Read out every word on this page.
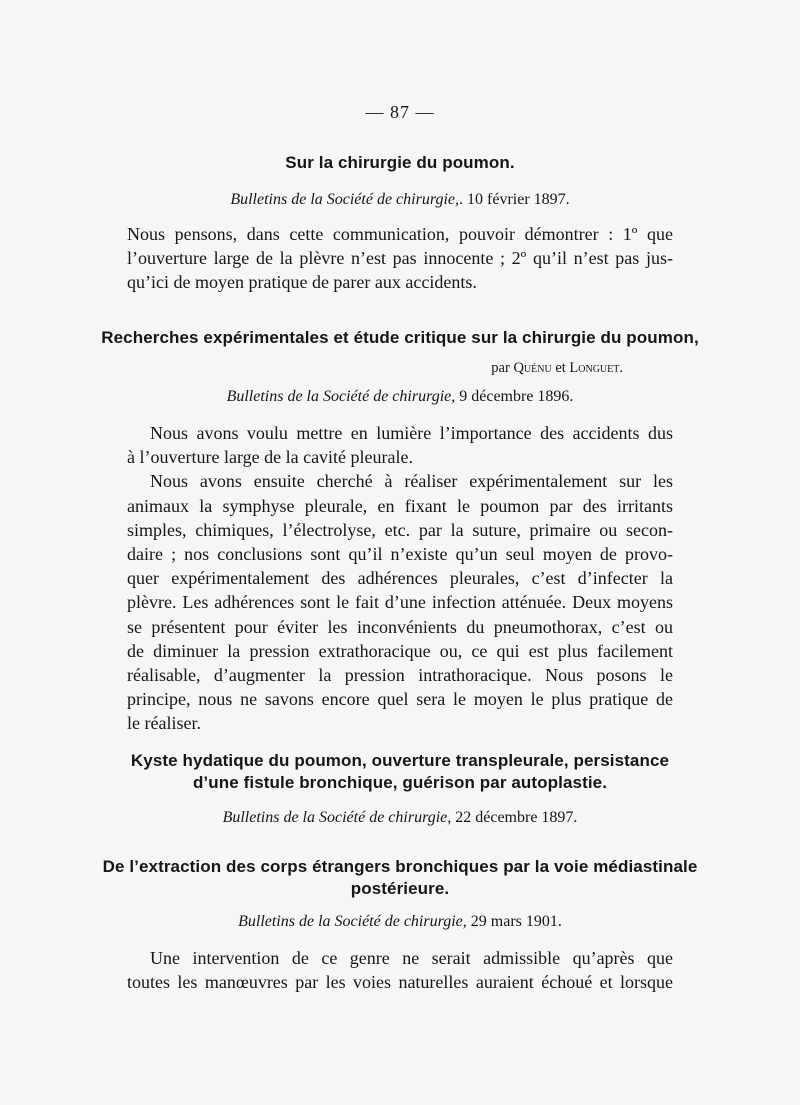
— 87 —

Sur la chirurgie du poumon.

Bulletins de la Société de chirurgie,. 10 février 1897.

Nous pensons, dans cette communication, pouvoir démontrer : 1º que
l’ouverture large de la plèvre n’est pas innocente ; 2º qu’il n’est pas jus-
qu’ici de moyen pratique de parer aux accidents.

Recherches expérimentales et étude critique sur la chirurgie du poumon,

par Quénu et Longuet.

Bulletins de la Société de chirurgie, 9 décembre 1896.

Nous avons voulu mettre en lumière l’importance des accidents dus
à l’ouverture large de la cavité pleurale.
Nous avons ensuite cherché à réaliser expérimentalement sur les
animaux la symphyse pleurale, en fixant le poumon par des irritants
simples, chimiques, l’électrolyse, etc. par la suture, primaire ou secon-
daire ; nos conclusions sont qu’il n’existe qu’un seul moyen de provo-
quer expérimentalement des adhérences pleurales, c’est d’infecter la
plèvre. Les adhérences sont le fait d’une infection atténuée. Deux moyens
se présentent pour éviter les inconvénients du pneumothorax, c’est ou
de diminuer la pression extrathoracique ou, ce qui est plus facilement
réalisable, d’augmenter la pression intrathoracique. Nous posons le
principe, nous ne savons encore quel sera le moyen le plus pratique de
le réaliser.

Kyste hydatique du poumon, ouverture transpleurale, persistance

d’une fistule bronchique, guérison par autoplastie.

Bulletins de la Société de chirurgie, 22 décembre 1897.

De l’extraction des corps étrangers bronchiques par la voie médiastinale

postérieure.

Bulletins de la Société de chirurgie, 29 mars 1901.

Une intervention de ce genre ne serait admissible qu’après que
toutes les manœuvres par les voies naturelles auraient échoué et lorsque
